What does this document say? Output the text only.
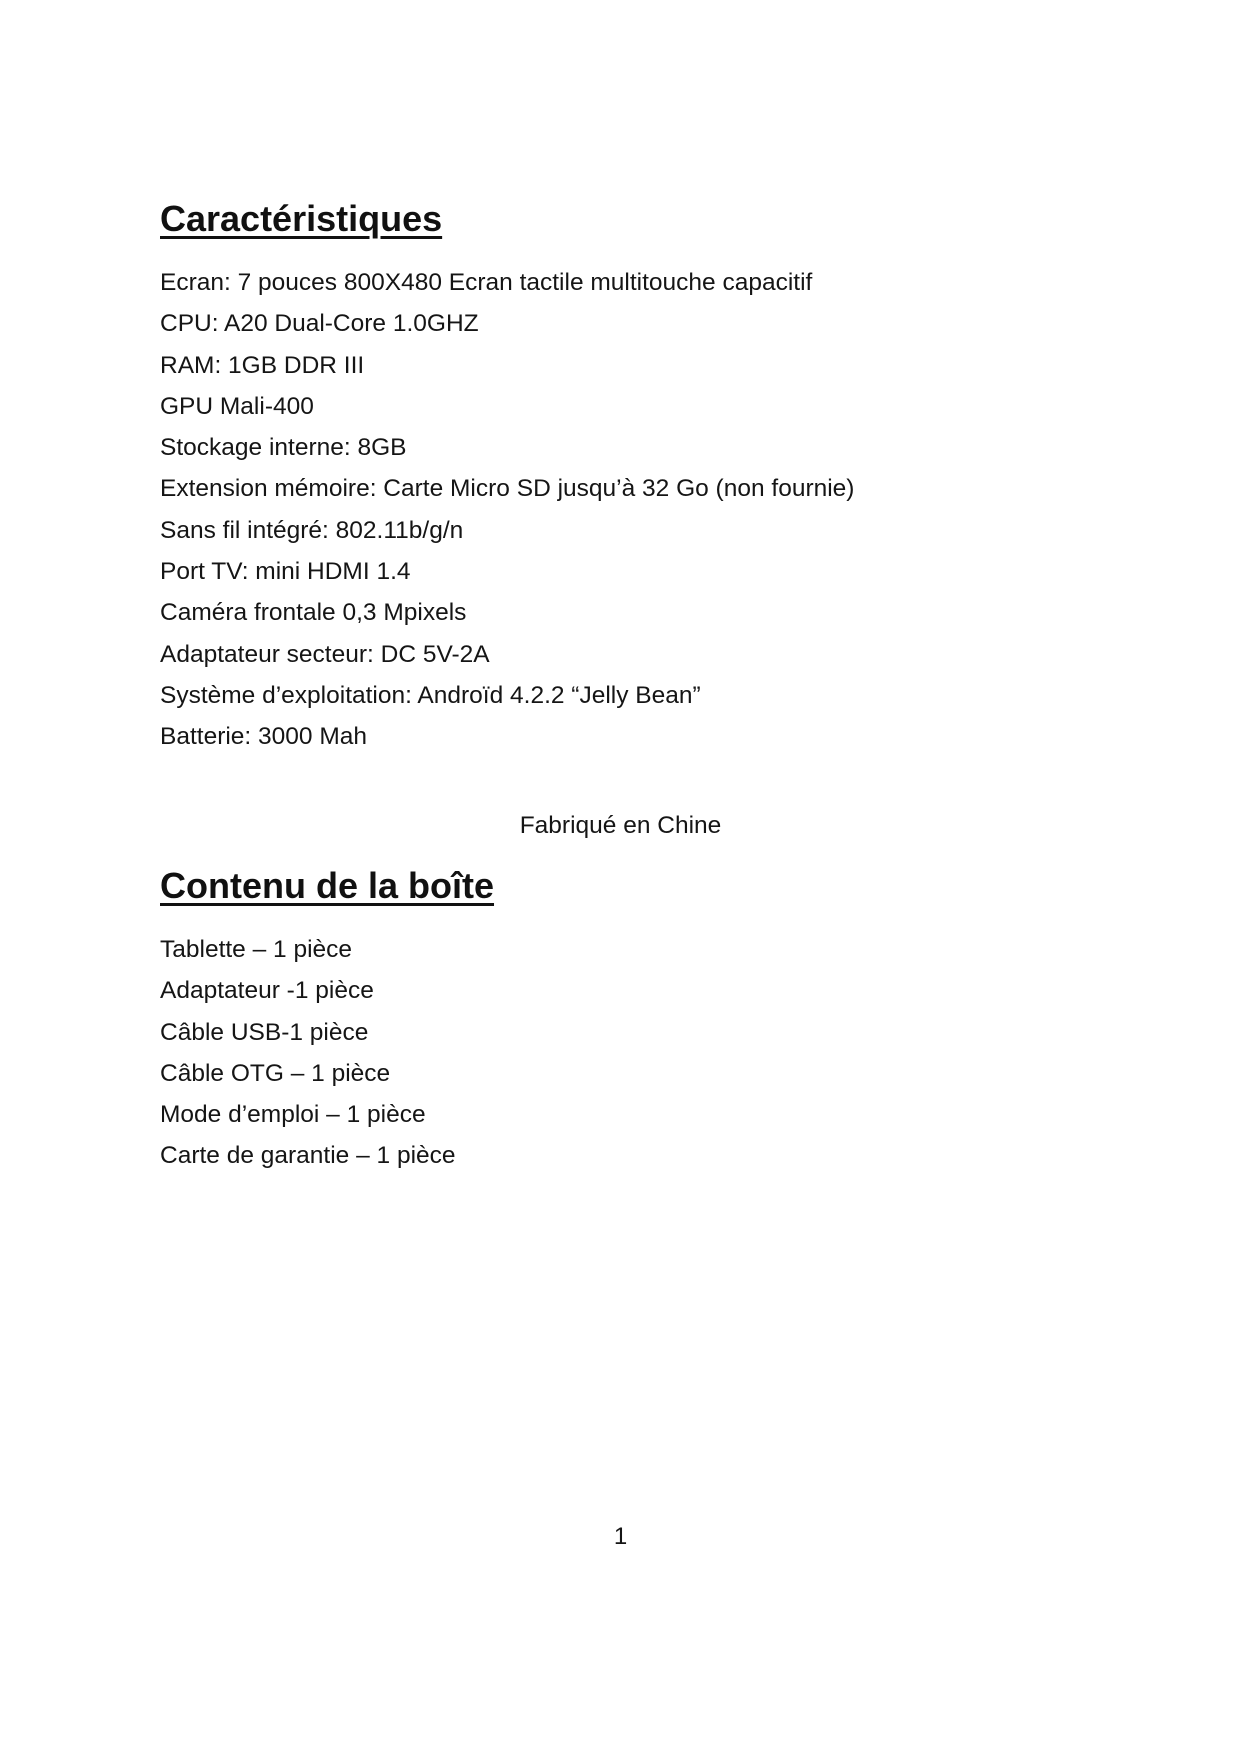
Caractéristiques
Ecran: 7 pouces 800X480 Ecran tactile multitouche capacitif
CPU: A20 Dual-Core 1.0GHZ
RAM: 1GB DDR III
GPU Mali-400
Stockage interne: 8GB
Extension mémoire: Carte Micro SD jusqu’à 32 Go (non fournie)
Sans fil intégré: 802.11b/g/n
Port TV: mini HDMI 1.4
Caméra frontale 0,3 Mpixels
Adaptateur secteur: DC 5V-2A
Système d’exploitation: Androïd 4.2.2 “Jelly Bean”
Batterie: 3000 Mah

Fabriqué en Chine

Contenu de la boîte
Tablette – 1 pièce
Adaptateur -1 pièce
Câble USB-1 pièce
Câble OTG – 1 pièce
Mode d’emploi – 1 pièce
Carte de garantie – 1 pièce

1
